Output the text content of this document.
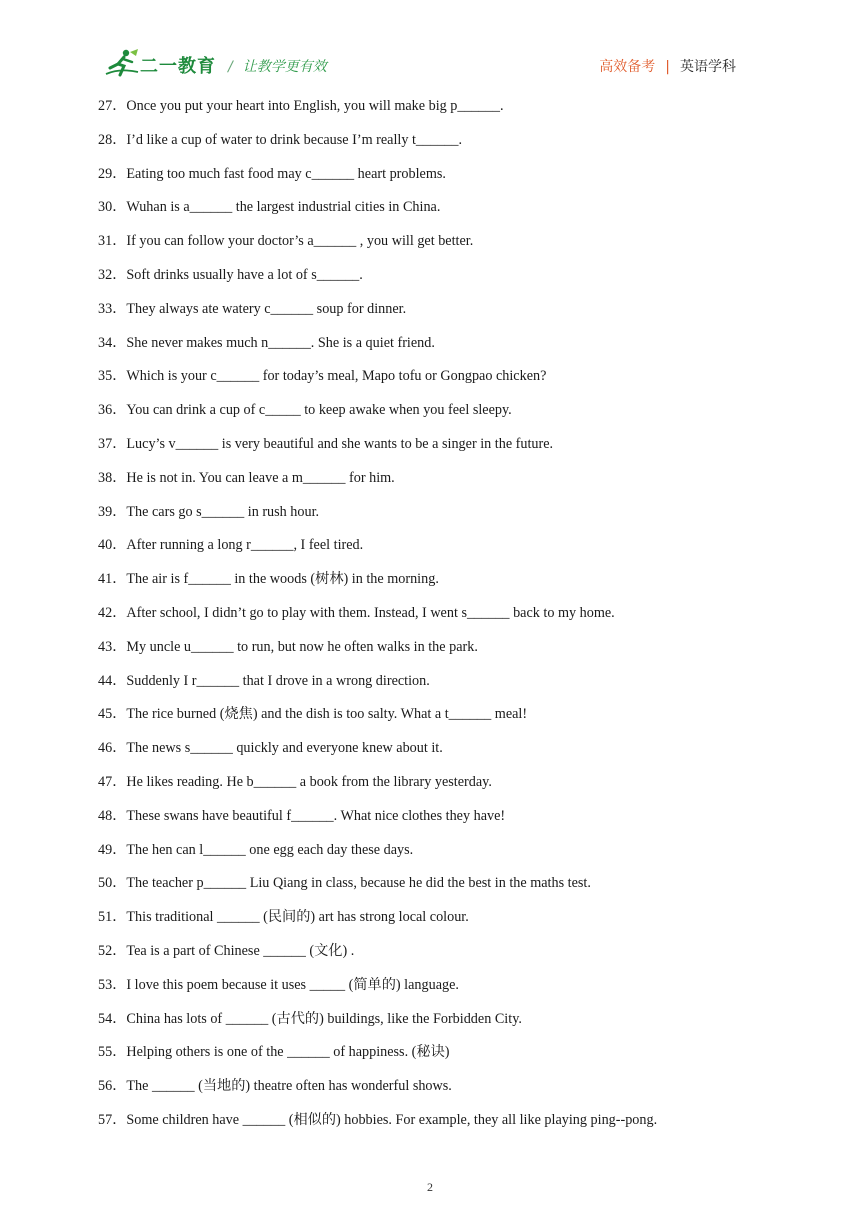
二一教育 / 让教学更有效	高效备考 | 英语学科
27．Once you put your heart into English, you will make big p______.
28．I’d like a cup of water to drink because I’m really t______.
29．Eating too much fast food may c______ heart problems.
30．Wuhan is a______ the largest industrial cities in China.
31．If you can follow your doctor’s a______ , you will get better.
32．Soft drinks usually have a lot of s______.
33．They always ate watery c______ soup for dinner.
34．She never makes much n______. She is a quiet friend.
35．Which is your c______ for today’s meal, Mapo tofu or Gongpao chicken?
36．You can drink a cup of c_____ to keep awake when you feel sleepy.
37．Lucy’s v______ is very beautiful and she wants to be a singer in the future.
38．He is not in. You can leave a m______ for him.
39．The cars go s______ in rush hour.
40．After running a long r______, I feel tired.
41．The air is f______ in the woods (树林) in the morning.
42．After school, I didn’t go to play with them. Instead, I went s______ back to my home.
43．My uncle u______ to run, but now he often walks in the park.
44．Suddenly I r______ that I drove in a wrong direction.
45．The rice burned (烧焦) and the dish is too salty. What a t______ meal!
46．The news s______ quickly and everyone knew about it.
47．He likes reading. He b______ a book from the library yesterday.
48．These swans have beautiful f______. What nice clothes they have!
49．The hen can l______ one egg each day these days.
50．The teacher p______ Liu Qiang in class, because he did the best in the maths test.
51．This traditional ______ (民间的) art has strong local colour.
52．Tea is a part of Chinese ______ (文化) .
53．I love this poem because it uses _____ (简单的) language.
54．China has lots of ______ (古代的) buildings, like the Forbidden City.
55．Helping others is one of the ______ of happiness. (秘诀)
56．The ______ (当地的) theatre often has wonderful shows.
57．Some children have ______ (相似的) hobbies. For example, they all like playing ping--pong.
2
